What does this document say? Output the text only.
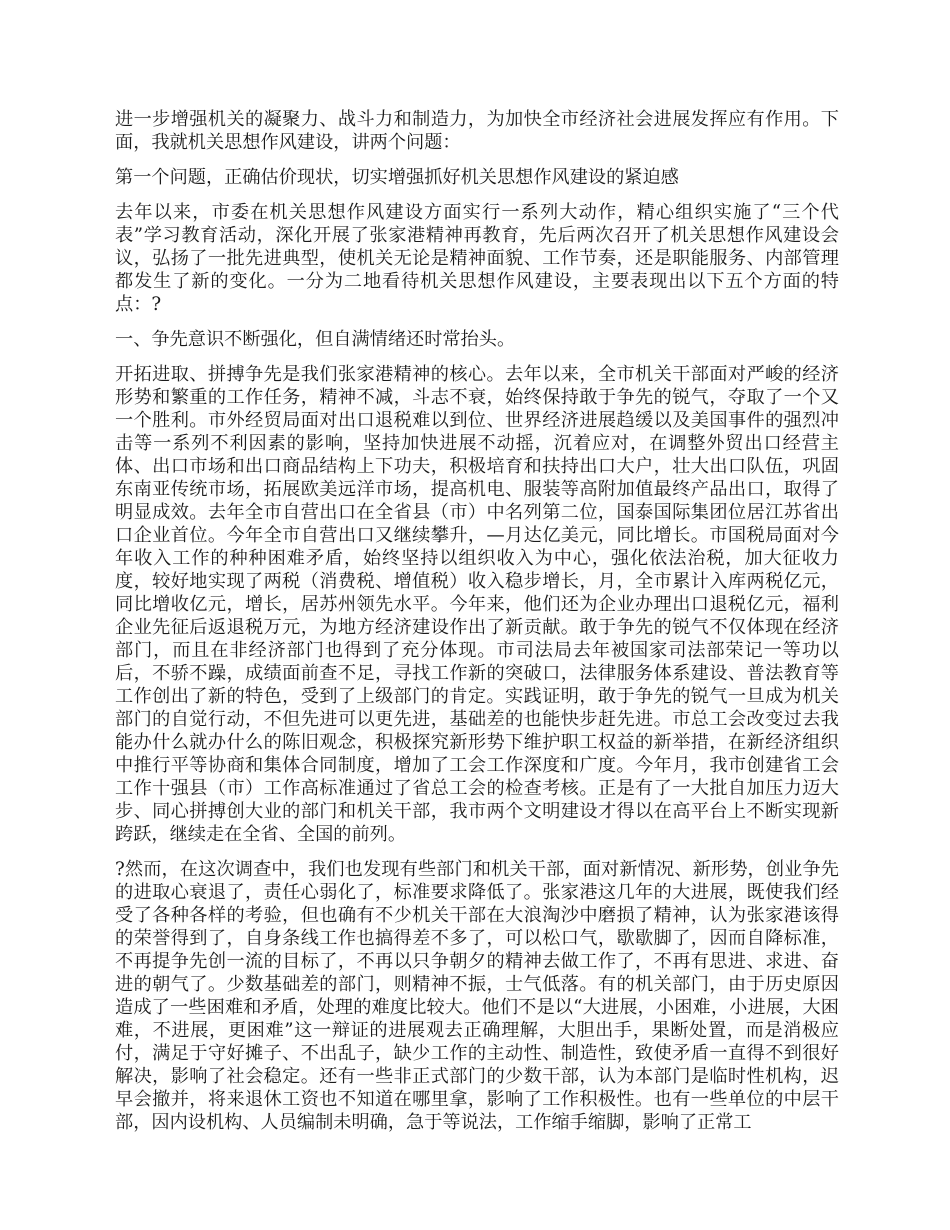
进一步增强机关的凝聚力、战斗力和制造力，为加快全市经济社会进展发挥应有作用。下面，我就机关思想作风建设，讲两个问题：

第一个问题，正确估价现状，切实增强抓好机关思想作风建设的紧迫感

去年以来，市委在机关思想作风建设方面实行一系列大动作，精心组织实施了“三个代表”学习教育活动，深化开展了张家港精神再教育，先后两次召开了机关思想作风建设会议，弘扬了一批先进典型，使机关无论是精神面貌、工作节奏，还是职能服务、内部管理都发生了新的变化。一分为二地看待机关思想作风建设，主要表现出以下五个方面的特点：?

一、争先意识不断强化，但自满情绪还时常抬头。

开拓进取、拼搏争先是我们张家港精神的核心。去年以来，全市机关干部面对严峻的经济形势和繁重的工作任务，精神不减，斗志不衰，始终保持敢于争先的锐气，夺取了一个又一个胜利。市外经贸局面对出口退税难以到位、世界经济进展趋缓以及美国事件的强烈冲击等一系列不利因素的影响，坚持加快进展不动摇，沉着应对，在调整外贸出口经营主体、出口市场和出口商品结构上下功夫，积极培育和扶持出口大户，壮大出口队伍，巩固东南亚传统市场，拓展欧美远洋市场，提高机电、服装等高附加值最终产品出口，取得了明显成效。去年全市自营出口在全省县（市）中名列第二位，国泰国际集团位居江苏省出口企业首位。今年全市自营出口又继续攀升，—月达亿美元，同比增长。市国税局面对今年收入工作的种种困难矛盾，始终坚持以组织收入为中心，强化依法治税，加大征收力度，较好地实现了两税（消费税、增值税）收入稳步增长，月，全市累计入库两税亿元，同比增收亿元，增长，居苏州领先水平。今年来，他们还为企业办理出口退税亿元，福利企业先征后返退税万元，为地方经济建设作出了新贡献。敢于争先的锐气不仅体现在经济部门，而且在非经济部门也得到了充分体现。市司法局去年被国家司法部荣记一等功以后，不骄不躁，成绩面前查不足，寻找工作新的突破口，法律服务体系建设、普法教育等工作创出了新的特色，受到了上级部门的肯定。实践证明，敢于争先的锐气一旦成为机关部门的自觉行动，不但先进可以更先进，基础差的也能快步赶先进。市总工会改变过去我能办什么就办什么的陈旧观念，积极探究新形势下维护职工权益的新举措，在新经济组织中推行平等协商和集体合同制度，增加了工会工作深度和广度。今年月，我市创建省工会工作十强县（市）工作高标准通过了省总工会的检查考核。正是有了一大批自加压力迈大步、同心拼搏创大业的部门和机关干部，我市两个文明建设才得以在高平台上不断实现新跨跃，继续走在全省、全国的前列。

?然而，在这次调查中，我们也发现有些部门和机关干部，面对新情况、新形势，创业争先的进取心衰退了，责任心弱化了，标准要求降低了。张家港这几年的大进展，既使我们经受了各种各样的考验，但也确有不少机关干部在大浪淘沙中磨损了精神，认为张家港该得的荣誉得到了，自身条线工作也搞得差不多了，可以松口气，歇歇脚了，因而自降标准，不再提争先创一流的目标了，不再以只争朝夕的精神去做工作了，不再有思进、求进、奋进的朝气了。少数基础差的部门，则精神不振，士气低落。有的机关部门，由于历史原因造成了一些困难和矛盾，处理的难度比较大。他们不是以“大进展，小困难，小进展，大困难，不进展，更困难”这一辩证的进展观去正确理解，大胆出手，果断处置，而是消极应付，满足于守好摊子、不出乱子，缺少工作的主动性、制造性，致使矛盾一直得不到很好解决，影响了社会稳定。还有一些非正式部门的少数干部，认为本部门是临时性机构，迟早会撤并，将来退休工资也不知道在哪里拿，影响了工作积极性。也有一些单位的中层干部，因内设机构、人员编制未明确，急于等说法，工作缩手缩脚，影响了正常工
